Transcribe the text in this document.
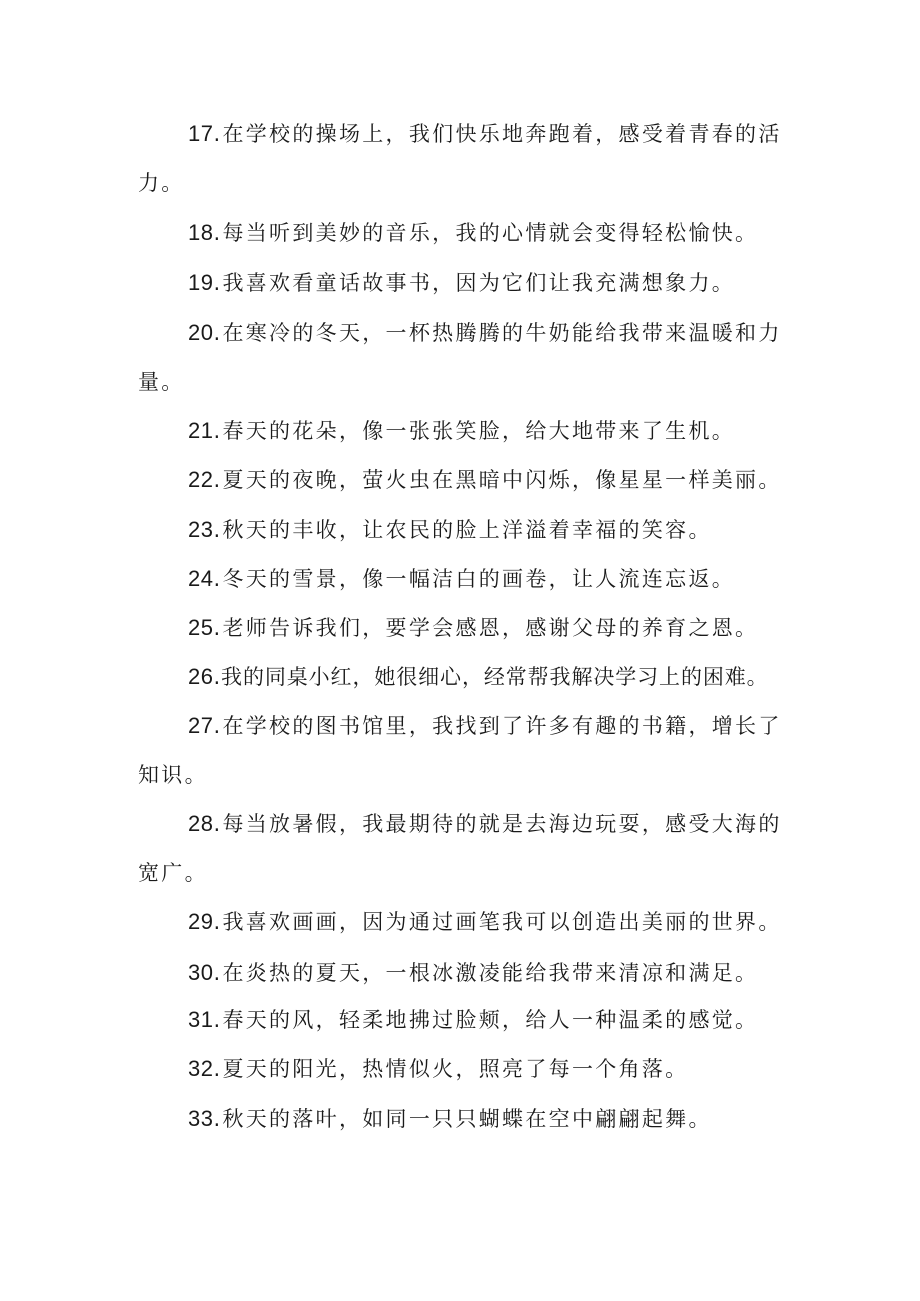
17.在学校的操场上，我们快乐地奔跑着，感受着青春的活
力。
18.每当听到美妙的音乐，我的心情就会变得轻松愉快。
19.我喜欢看童话故事书，因为它们让我充满想象力。
20.在寒冷的冬天，一杯热腾腾的牛奶能给我带来温暖和力
量。
21.春天的花朵，像一张张笑脸，给大地带来了生机。
22.夏天的夜晚，萤火虫在黑暗中闪烁，像星星一样美丽。
23.秋天的丰收，让农民的脸上洋溢着幸福的笑容。
24.冬天的雪景，像一幅洁白的画卷，让人流连忘返。
25.老师告诉我们，要学会感恩，感谢父母的养育之恩。
26.我的同桌小红，她很细心，经常帮我解决学习上的困难。
27.在学校的图书馆里，我找到了许多有趣的书籍，增长了
知识。
28.每当放暑假，我最期待的就是去海边玩耍，感受大海的
宽广。
29.我喜欢画画，因为通过画笔我可以创造出美丽的世界。
30.在炎热的夏天，一根冰激凌能给我带来清凉和满足。
31.春天的风，轻柔地拂过脸颊，给人一种温柔的感觉。
32.夏天的阳光，热情似火，照亮了每一个角落。
33.秋天的落叶，如同一只只蝴蝶在空中翩翩起舞。
